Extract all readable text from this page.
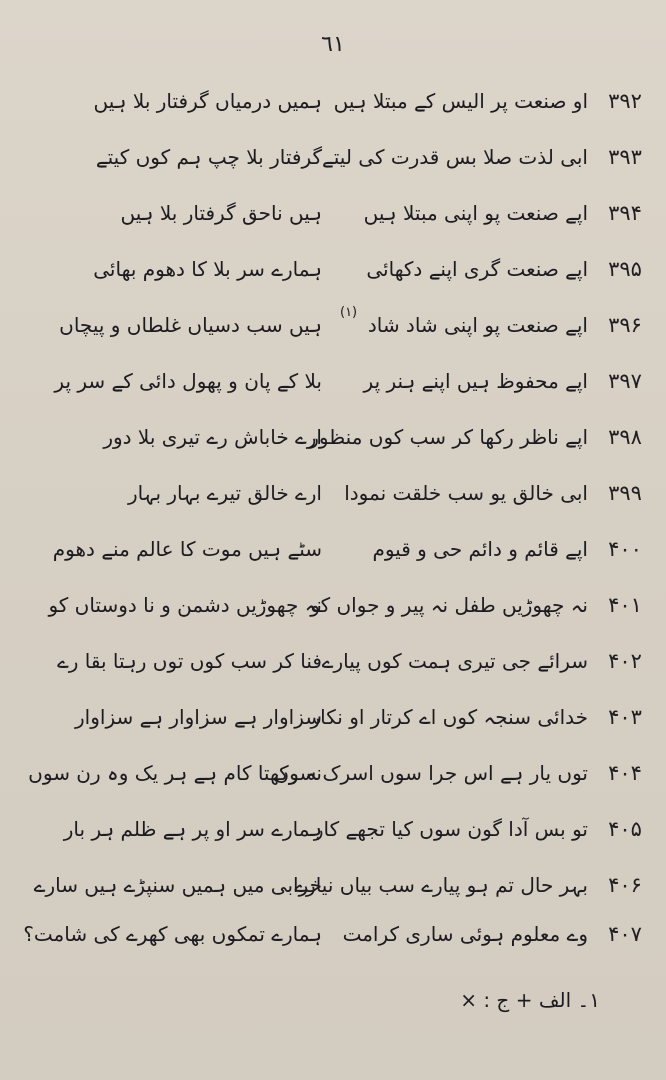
٦١
۳۹۲
او صنعت پر الیس کے مبتلا ہیں
ہمیں درمیاں گرفتار بلا ہیں
۳۹۳
ابی لذت صلا بس قدرت کی لیتے
گرفتار بلا چپ ہم کوں کیتے
۳۹۴
اپے صنعت پو اپنی مبتلا ہیں
ہیں ناحق گرفتار بلا ہیں
۳۹۵
اپے صنعت گری اپنے دکھائی
ہمارے سر بلا کا دھوم بھائی
۳۹۶
اپے صنعت پو اپنی شاد شاد
ہیں سب دسیاں غلطاں و پیچاں
(۱)
۳۹۷
اپے محفوظ ہیں اپنے ہنر پر
بلا کے پان و پھول دائی کے سر پر
۳۹۸
اپے ناظر رکھا کر سب کوں منظور
ارے خاباش رے تیری بلا دور
۳۹۹
ابی خالق یو سب خلقت نمودا
ارے خالق تیرے بہار بہار
۴۰۰
اپے قائم و دائم حی و قیوم
سٹے ہیں موت کا عالم منے دھوم
۴۰۱
نہ چھوڑیں طفل نہ پیر و جواں کو
نہ چھوڑیں دشمن و نا دوستاں کو
۴۰۲
سرائے جی تیری ہمت کوں پیارے
فنا کر سب کوں توں رہتا بقا رے
۴۰۳
خدائی سنجہ کوں اے کرتار او نکار
سزاوار ہے سزاوار ہے سزاوار
۴۰۴
توں یار ہے اس جرا سوں اسرک سوں
نہ رکھتا کام ہے ہر یک وہ رن سوں
۴۰۵
تو بس آدا گون سوں کیا تجھے کار
ہمارے سر او پر ہے ظلم ہر بار
۴۰۶
بہر حال تم ہو پیارے سب بیاں نیارے
خرابی میں ہمیں سنپڑے ہیں سارے
۴۰۷
وے معلوم ہوئی ساری کرامت
ہمارے تمکوں بھی کھرے کی شامت؟
۱۔ الف + ج : ×
